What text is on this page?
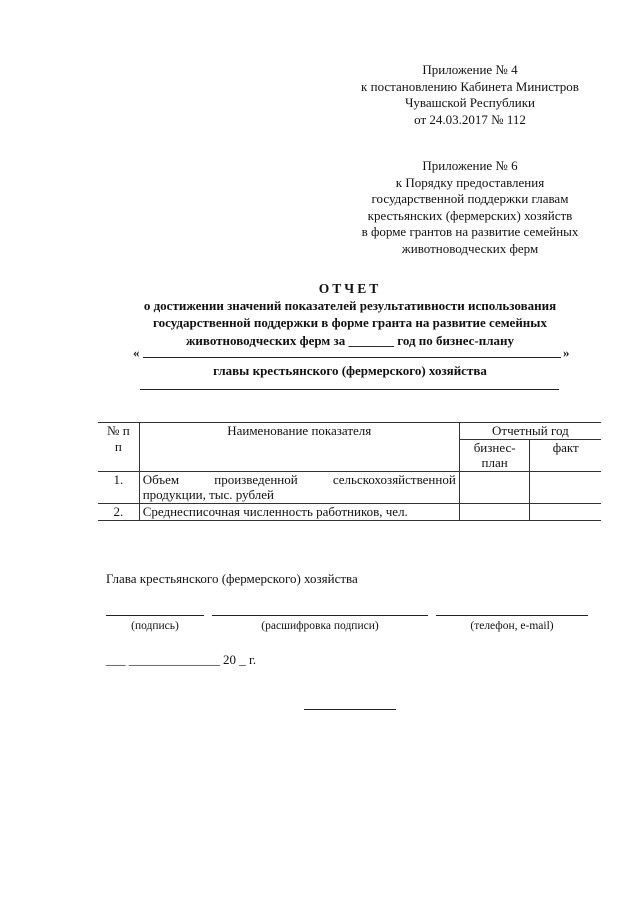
Приложение № 4
к постановлению Кабинета Министров
Чувашской Республики
от 24.03.2017 № 112
Приложение № 6
к Порядку предоставления
государственной поддержки главам
крестьянских (фермерских) хозяйств
в форме грантов на развитие семейных
животноводческих ферм
ОТЧЕТ
о достижении значений показателей результативности использования
государственной поддержки в форме гранта на развитие семейных
животноводческих ферм за _______ год по бизнес-плану
«	»
главы крестьянского (фермерского) хозяйства
№ пп	Наименование показателя	Отчетный год	
		бизнес-план	факт
1.	Объем произведенной сельскохозяйственной продукции, тыс. рублей		
2.	Среднесписочная численность работников, чел.		
Глава крестьянского (фермерского) хозяйства
(подпись)	(расшифровка подписи)	(телефон, e-mail)
___ ______________ 20 _ г.
